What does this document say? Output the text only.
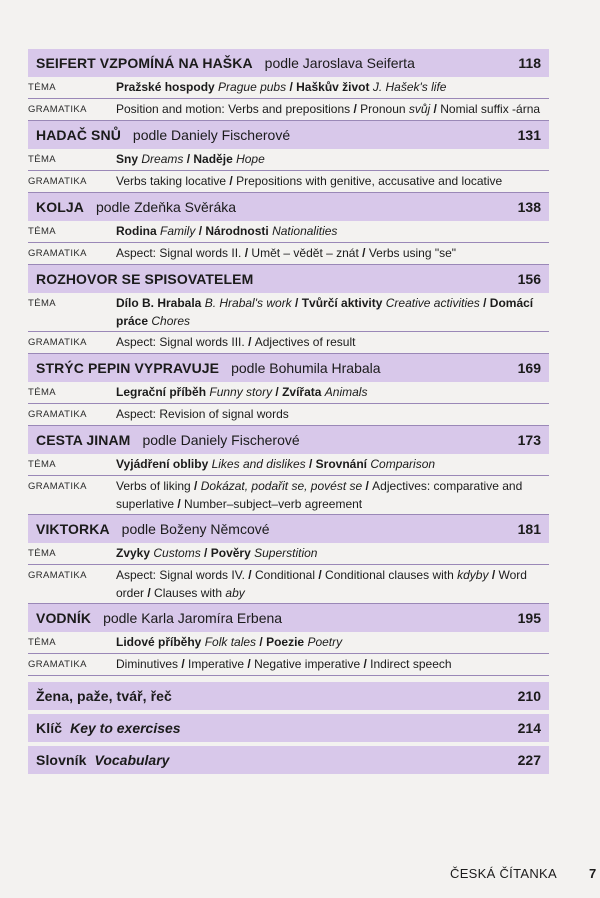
SEIFERT VZPOMÍNÁ NA HAŠKA podle Jaroslava Seiferta	118
TÉMA	Pražské hospody Prague pubs / Haškův život J. Hašek's life
GRAMATIKA	Position and motion: Verbs and prepositions / Pronoun svůj / Nomial suffix -árna
HADAČ SNŮ podle Daniely Fischerové	131
TÉMA	Sny Dreams / Naděje Hope
GRAMATIKA	Verbs taking locative / Prepositions with genitive, accusative and locative
KOLJA podle Zdeňka Svěráka	138
TÉMA	Rodina Family / Národnosti Nationalities
GRAMATIKA	Aspect: Signal words II. / Umět – vědět – znát / Verbs using "se"
ROZHOVOR SE SPISOVATELEM	156
TÉMA	Dílo B. Hrabala B. Hrabal's work / Tvůrčí aktivity Creative activities / Domácí práce Chores
GRAMATIKA	Aspect: Signal words III. / Adjectives of result
STRÝC PEPIN VYPRAVUJE podle Bohumila Hrabala	169
TÉMA	Legrační příběh Funny story / Zvířata Animals
GRAMATIKA	Aspect: Revision of signal words
CESTA JINAM podle Daniely Fischerové	173
TÉMA	Vyjádření obliby Likes and dislikes / Srovnání Comparison
GRAMATIKA	Verbs of liking / Dokázat, podařit se, povést se / Adjectives: comparative and superlative / Number–subject–verb agreement
VIKTORKA podle Boženy Němcové	181
TÉMA	Zvyky Customs / Pověry Superstition
GRAMATIKA	Aspect: Signal words IV. / Conditional / Conditional clauses with kdyby / Word order / Clauses with aby
VODNÍK podle Karla Jaromíra Erbena	195
TÉMA	Lidové příběhy Folk tales / Poezie Poetry
GRAMATIKA	Diminutives / Imperative / Negative imperative / Indirect speech
Žena, paže, tvář, řeč	210
Klíč Key to exercises	214
Slovník Vocabulary	227
ČESKÁ ČÍTANKA 7
